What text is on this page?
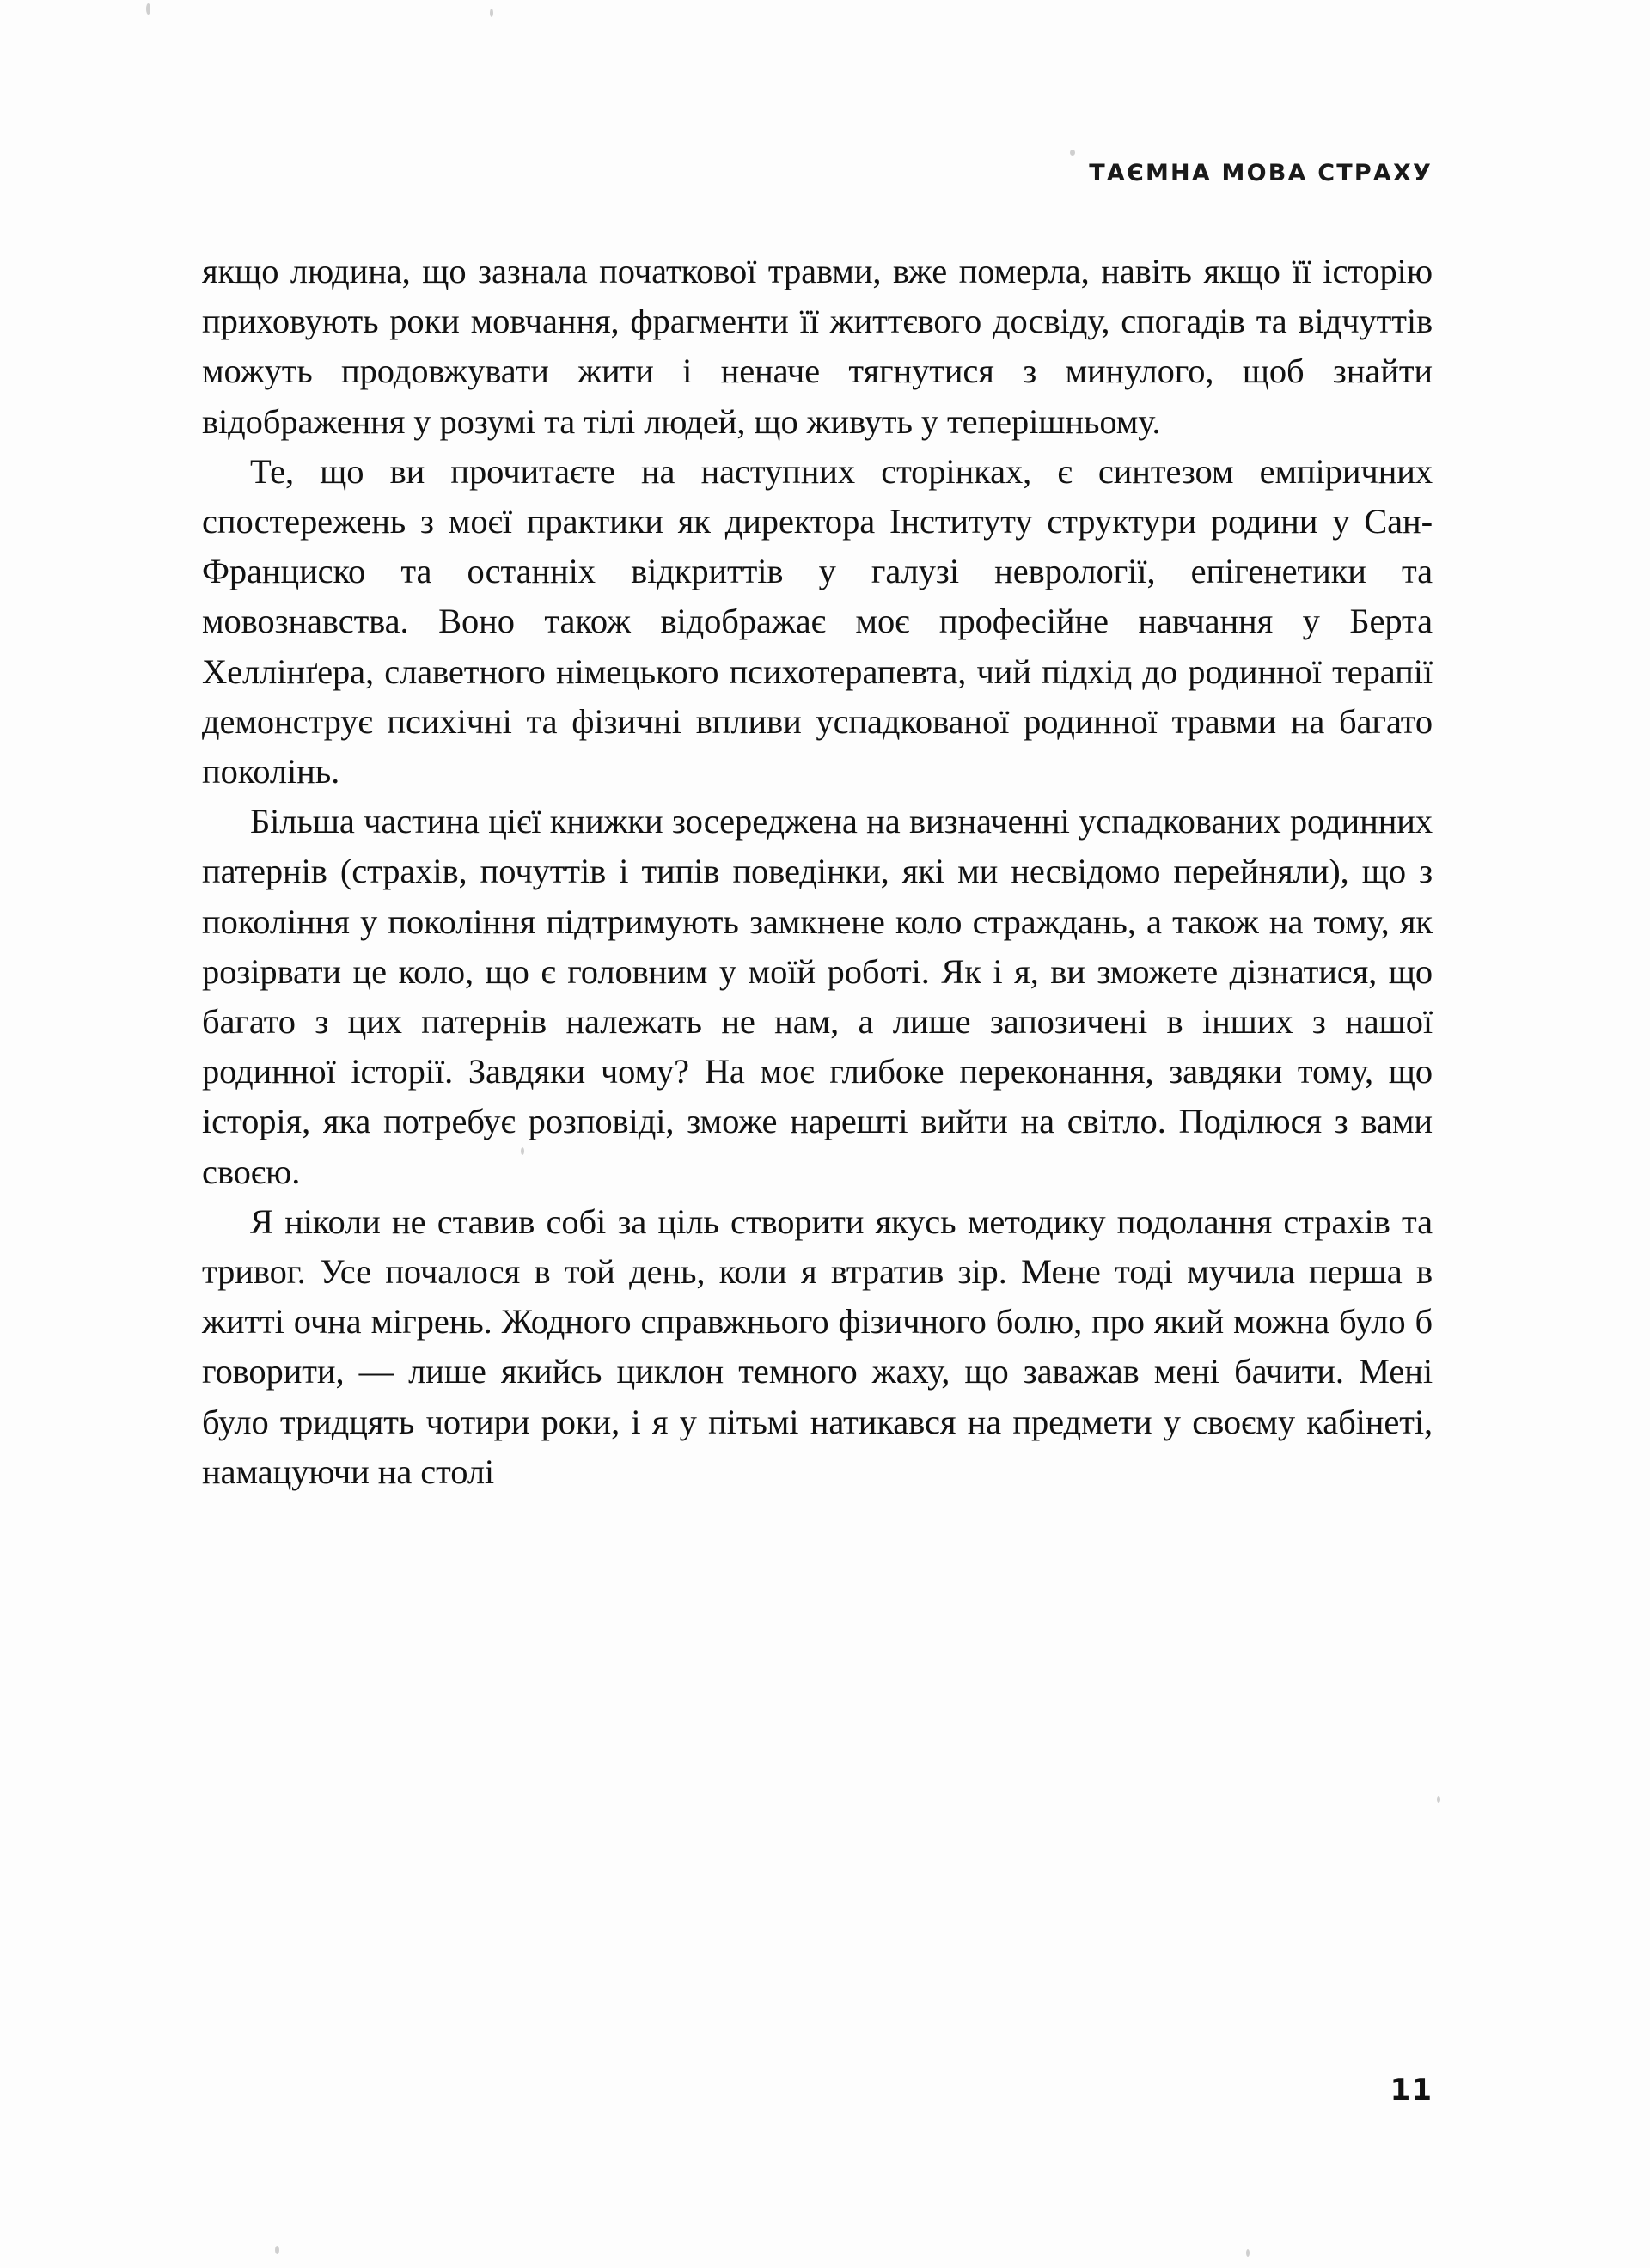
ТАЄМНА МОВА СТРАХУ

якщо людина, що зазнала початкової травми, вже померла, навіть якщо її історію приховують роки мовчання, фрагменти її життєвого досвіду, спогадів та відчуттів можуть продовжувати жити і неначе тягнутися з минулого, щоб знайти відображення у розумі та тілі людей, що живуть у теперішньому.

Те, що ви прочитаєте на наступних сторінках, є синтезом емпіричних спостережень з моєї практики як директора Інституту структури родини у Сан-Франциско та останніх відкриттів у галузі неврології, епігенетики та мовознавства. Воно також відображає моє професійне навчання у Берта Хеллінґера, славетного німецького психотерапевта, чий підхід до родинної терапії демонструє психічні та фізичні впливи успадкованої родинної травми на багато поколінь.

Більша частина цієї книжки зосереджена на визначенні успадкованих родинних патернів (страхів, почуттів і типів поведінки, які ми несвідомо перейняли), що з покоління у покоління підтримують замкнене коло страждань, а також на тому, як розірвати це коло, що є головним у моїй роботі. Як і я, ви зможете дізнатися, що багато з цих патернів належать не нам, а лише запозичені в інших з нашої родинної історії. Завдяки чому? На моє глибоке переконання, завдяки тому, що історія, яка потребує розповіді, зможе нарешті вийти на світло. Поділюся з вами своєю.

Я ніколи не ставив собі за ціль створити якусь методику подолання страхів та тривог. Усе почалося в той день, коли я втратив зір. Мене тоді мучила перша в житті очна мігрень. Жодного справжнього фізичного болю, про який можна було б говорити, — лише якийсь циклон темного жаху, що заважав мені бачити. Мені було тридцять чотири роки, і я у пітьмі натикався на предмети у своєму кабінеті, намацуючи на столі

11
